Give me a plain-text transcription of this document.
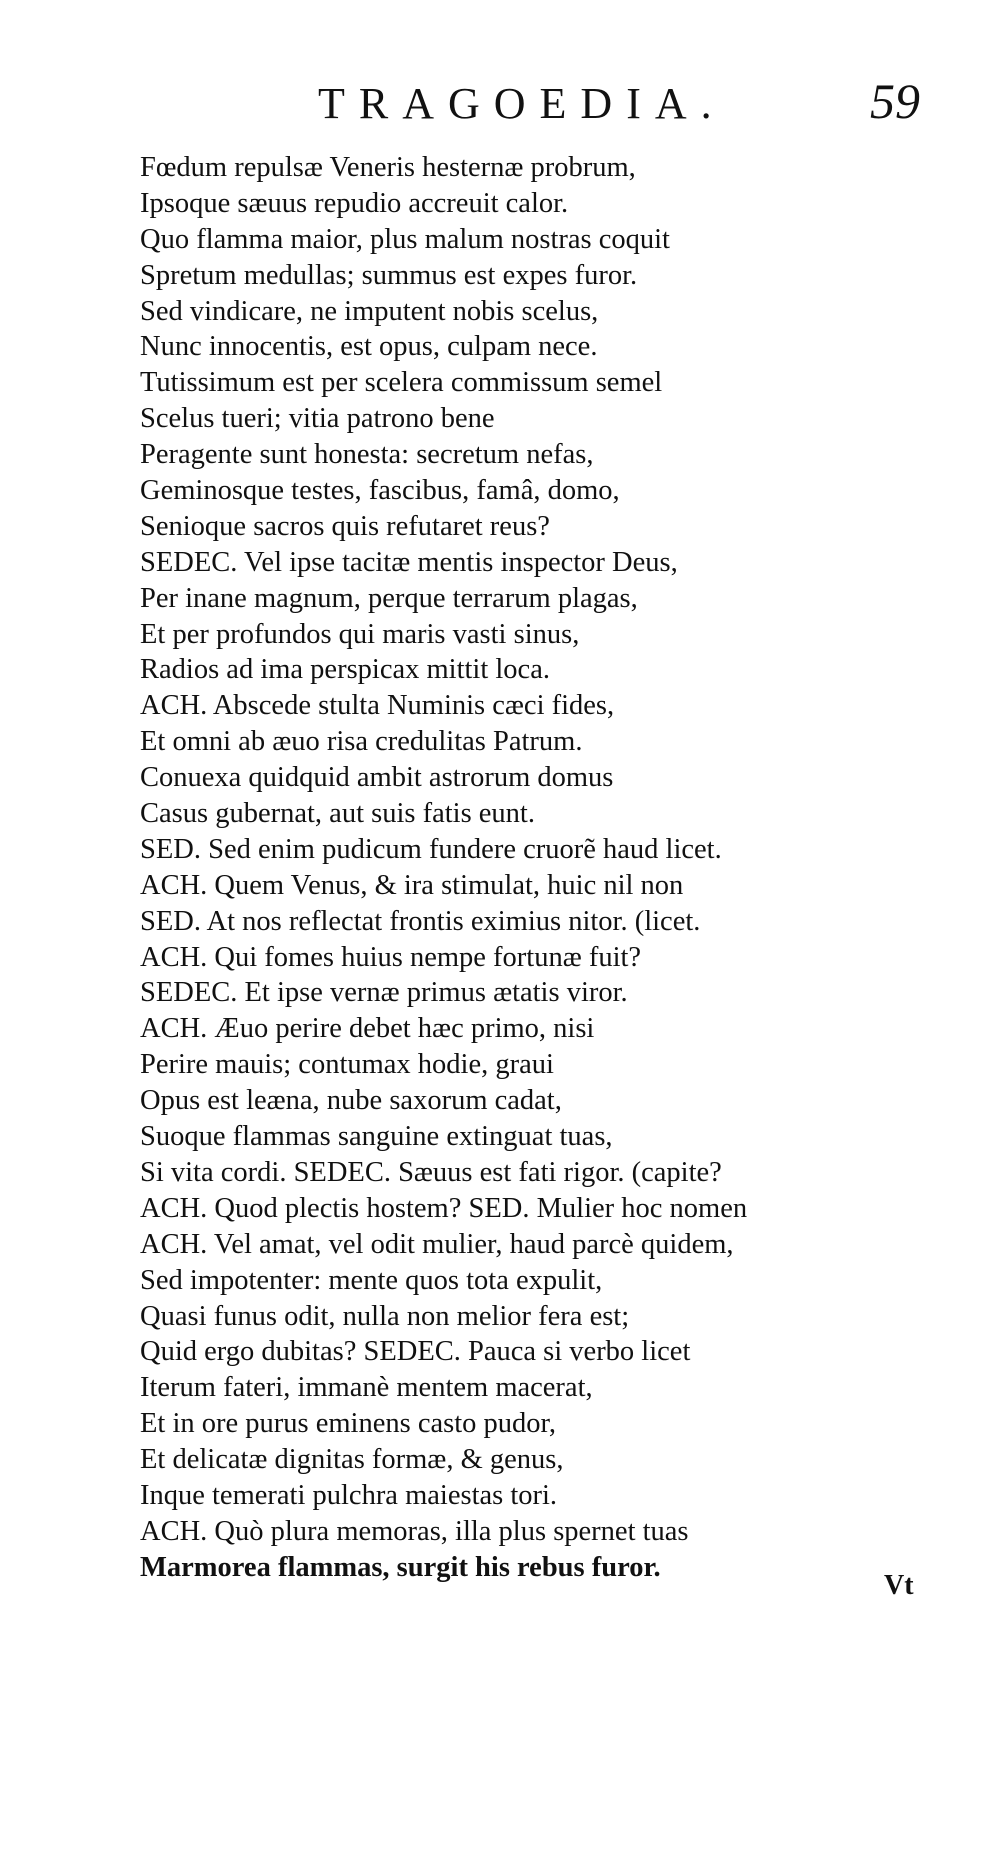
TRAGOEDIA.	59
Fœdum repulsæ Veneris hesternæ probrum,
Ipsoque sæuus repudio accreuit calor.
Quo flamma maior, plus malum nostras coquit
Spretum medullas; summus est expes furor.
Sed vindicare, ne imputent nobis scelus,
Nunc innocentis, est opus, culpam nece.
Tutissimum est per scelera commissum semel
Scelus tueri; vitia patrono bene
Peragente sunt honesta: secretum nefas,
Geminosque testes, fascibus, famâ, domo,
Senioque sacros quis refutaret reus?
SEDEC. Vel ipse tacitæ mentis inspector Deus,
Per inane magnum, perque terrarum plagas,
Et per profundos qui maris vasti sinus,
Radios ad ima perspicax mittit loca.
ACH. Abscede stulta Numinis cæci fides,
Et omni ab æuo risa credulitas Patrum.
Conuexa quidquid ambit astrorum domus
Casus gubernat, aut suis fatis eunt.
SED. Sed enim pudicum fundere cruorẽ haud licet.
ACH. Quem Venus, & ira stimulat, huic nil non
SED. At nos reflectat frontis eximius nitor. (licet.
ACH. Qui fomes huius nempe fortunæ fuit?
SEDEC. Et ipse vernæ primus ætatis viror.
ACH. Æuo perire debet hæc primo, nisi
Perire mauis; contumax hodie, graui
Opus est leæna, nube saxorum cadat,
Suoque flammas sanguine extinguat tuas,
Si vita cordi. SEDEC. Sæuus est fati rigor. (capite?
ACH. Quod plectis hostem? SED. Mulier hoc nomen
ACH. Vel amat, vel odit mulier, haud parcè quidem,
Sed impotenter: mente quos tota expulit,
Quasi funus odit, nulla non melior fera est;
Quid ergo dubitas? SEDEC. Pauca si verbo licet
Iterum fateri, immanè mentem macerat,
Et in ore purus eminens casto pudor,
Et delicatæ dignitas formæ, & genus,
Inque temerati pulchra maiestas tori.
ACH. Quò plura memoras, illa plus spernet tuas
Marmorea flammas, surgit his rebus furor.
Vt
